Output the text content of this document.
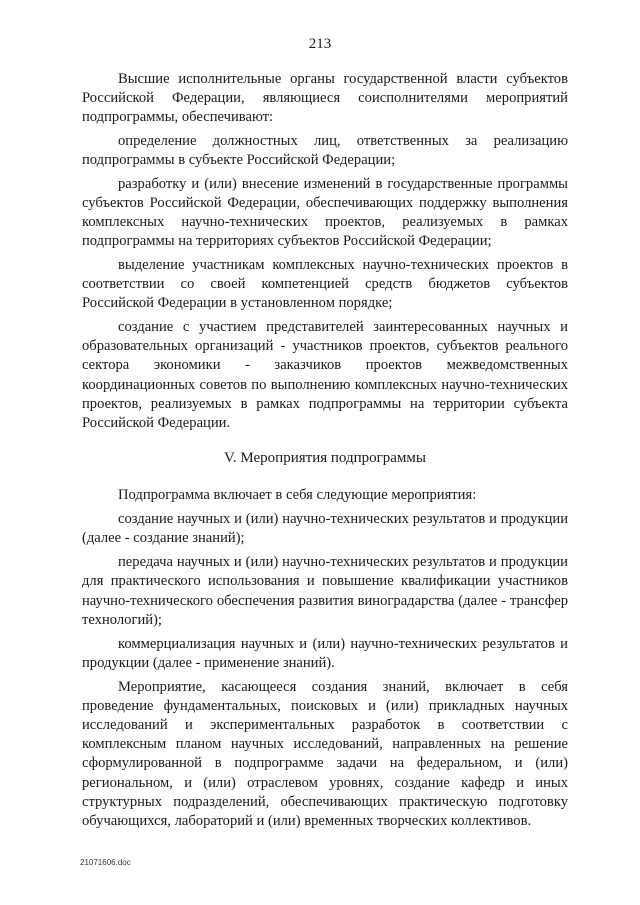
213

Высшие исполнительные органы государственной власти субъектов Российской Федерации, являющиеся соисполнителями мероприятий подпрограммы, обеспечивают:

определение должностных лиц, ответственных за реализацию подпрограммы в субъекте Российской Федерации;

разработку и (или) внесение изменений в государственные программы субъектов Российской Федерации, обеспечивающих поддержку выполнения комплексных научно-технических проектов, реализуемых в рамках подпрограммы на территориях субъектов Российской Федерации;

выделение участникам комплексных научно-технических проектов в соответствии со своей компетенцией средств бюджетов субъектов Российской Федерации в установленном порядке;

создание с участием представителей заинтересованных научных и образовательных организаций - участников проектов, субъектов реального сектора экономики - заказчиков проектов межведомственных координационных советов по выполнению комплексных научно-технических проектов, реализуемых в рамках подпрограммы на территории субъекта Российской Федерации.

V. Мероприятия подпрограммы

Подпрограмма включает в себя следующие мероприятия:

создание научных и (или) научно-технических результатов и продукции (далее - создание знаний);

передача научных и (или) научно-технических результатов и продукции для практического использования и повышение квалификации участников научно-технического обеспечения развития виноградарства (далее - трансфер технологий);

коммерциализация научных и (или) научно-технических результатов и продукции (далее - применение знаний).

Мероприятие, касающееся создания знаний, включает в себя проведение фундаментальных, поисковых и (или) прикладных научных исследований и экспериментальных разработок в соответствии с комплексным планом научных исследований, направленных на решение сформулированной в подпрограмме задачи на федеральном, и (или) региональном, и (или) отраслевом уровнях, создание кафедр и иных структурных подразделений, обеспечивающих практическую подготовку обучающихся, лабораторий и (или) временных творческих коллективов.

21071606.doc
